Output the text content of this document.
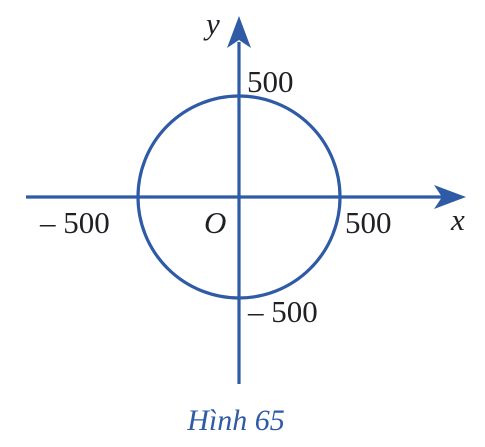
y
x
O
500
– 500
500
– 500
Hình 65
